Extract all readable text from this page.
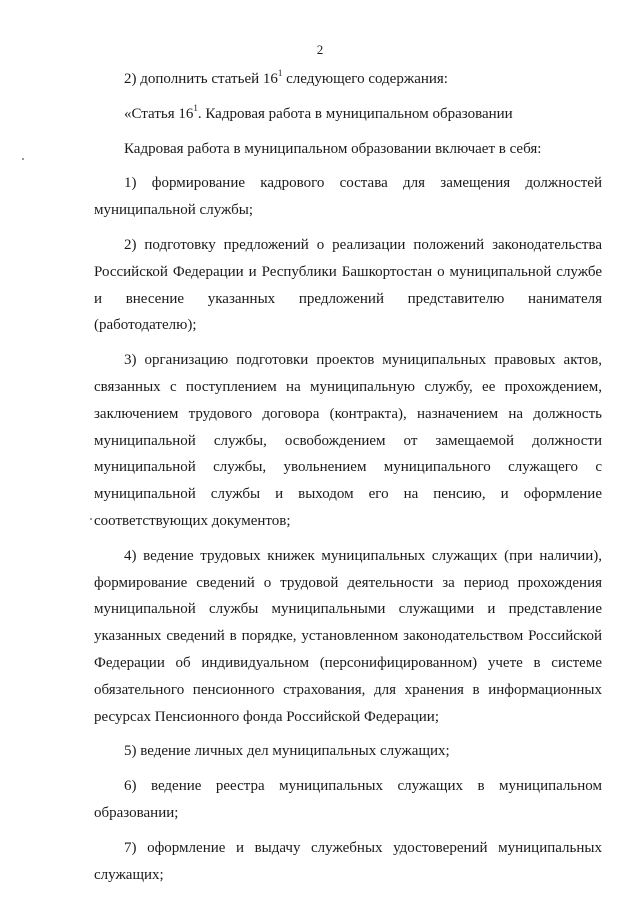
2

2) дополнить статьей $16^1$ следующего содержания:

«Статья $16^1$. Кадровая работа в муниципальном образовании

Кадровая работа в муниципальном образовании включает в себя:

1) формирование кадрового состава для замещения должностей муниципальной службы;

2) подготовку предложений о реализации положений законодательства Российской Федерации и Республики Башкортостан о муниципальной службе и внесение указанных предложений представителю нанимателя (работодателю);

3) организацию подготовки проектов муниципальных правовых актов, связанных с поступлением на муниципальную службу, ее прохождением, заключением трудового договора (контракта), назначением на должность муниципальной службы, освобождением от замещаемой должности муниципальной службы, увольнением муниципального служащего с муниципальной службы и выходом его на пенсию, и оформление соответствующих документов;

4) ведение трудовых книжек муниципальных служащих (при наличии), формирование сведений о трудовой деятельности за период прохождения муниципальной службы муниципальными служащими и представление указанных сведений в порядке, установленном законодательством Российской Федерации об индивидуальном (персонифицированном) учете в системе обязательного пенсионного страхования, для хранения в информационных ресурсах Пенсионного фонда Российской Федерации;

5) ведение личных дел муниципальных служащих;

6) ведение реестра муниципальных служащих в муниципальном образовании;

7) оформление и выдачу служебных удостоверений муниципальных служащих;
